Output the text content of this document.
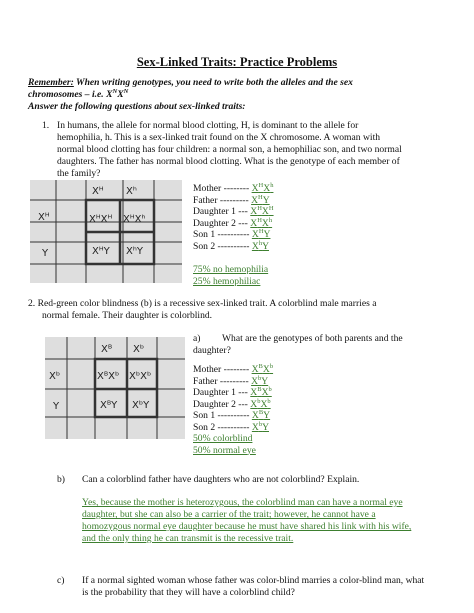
Sex-Linked Traits: Practice Problems
Remember: When writing genotypes, you need to write both the alleles and the sex
chromosomes – i.e. $X^NX^N$
Answer the following questions about sex-linked traits:
1. In humans, the allele for normal blood clotting, H, is dominant to the allele for
hemophilia, h. This is a sex-linked trait found on the X chromosome. A woman with
normal blood clotting has four children: a normal son, a hemophiliac son, and two normal
daughters. The father has normal blood clotting. What is the genotype of each member of
the family?
Xᴴ Xʰ
Xᴴ
Y
XᴴXᴴ XᴴXʰ
XᴴY XʰY
Mother -------- $X^HX^h$
Father --------- $X^HY$
Daughter 1 --- $X^HX^H$
Daughter 2 --- $X^HX^h$
Son 1 ---------- $X^HY$
Son 2 ---------- $X^hY$
75% no hemophilia
25% hemophiliac
2. Red-green color blindness (b) is a recessive sex-linked trait. A colorblind male marries a
normal female. Their daughter is colorblind.
Xᴮ Xᵇ
Xᵇ
Y
XᴮXᵇ XᵇXᵇ
XᴮY XᵇY
a) What are the genotypes of both parents and the
daughter?
Mother -------- $X^BX^b$
Father --------- $X^bY$
Daughter 1 --- $X^BX^b$
Daughter 2 --- $X^bX^b$
Son 1 ---------- $X^BY$
Son 2 ---------- $X^bY$
50% colorblind
50% normal eye
b) Can a colorblind father have daughters who are not colorblind? Explain.
Yes, because the mother is heterozygous, the colorblind man can have a normal eye
daughter, but she can also be a carrier of the trait; however, he cannot have a
homozygous normal eye daughter because he must have shared his link with his wife,
and the only thing he can transmit is the recessive trait.
c) If a normal sighted woman whose father was color-blind marries a color-blind man, what
is the probability that they will have a colorblind child?
